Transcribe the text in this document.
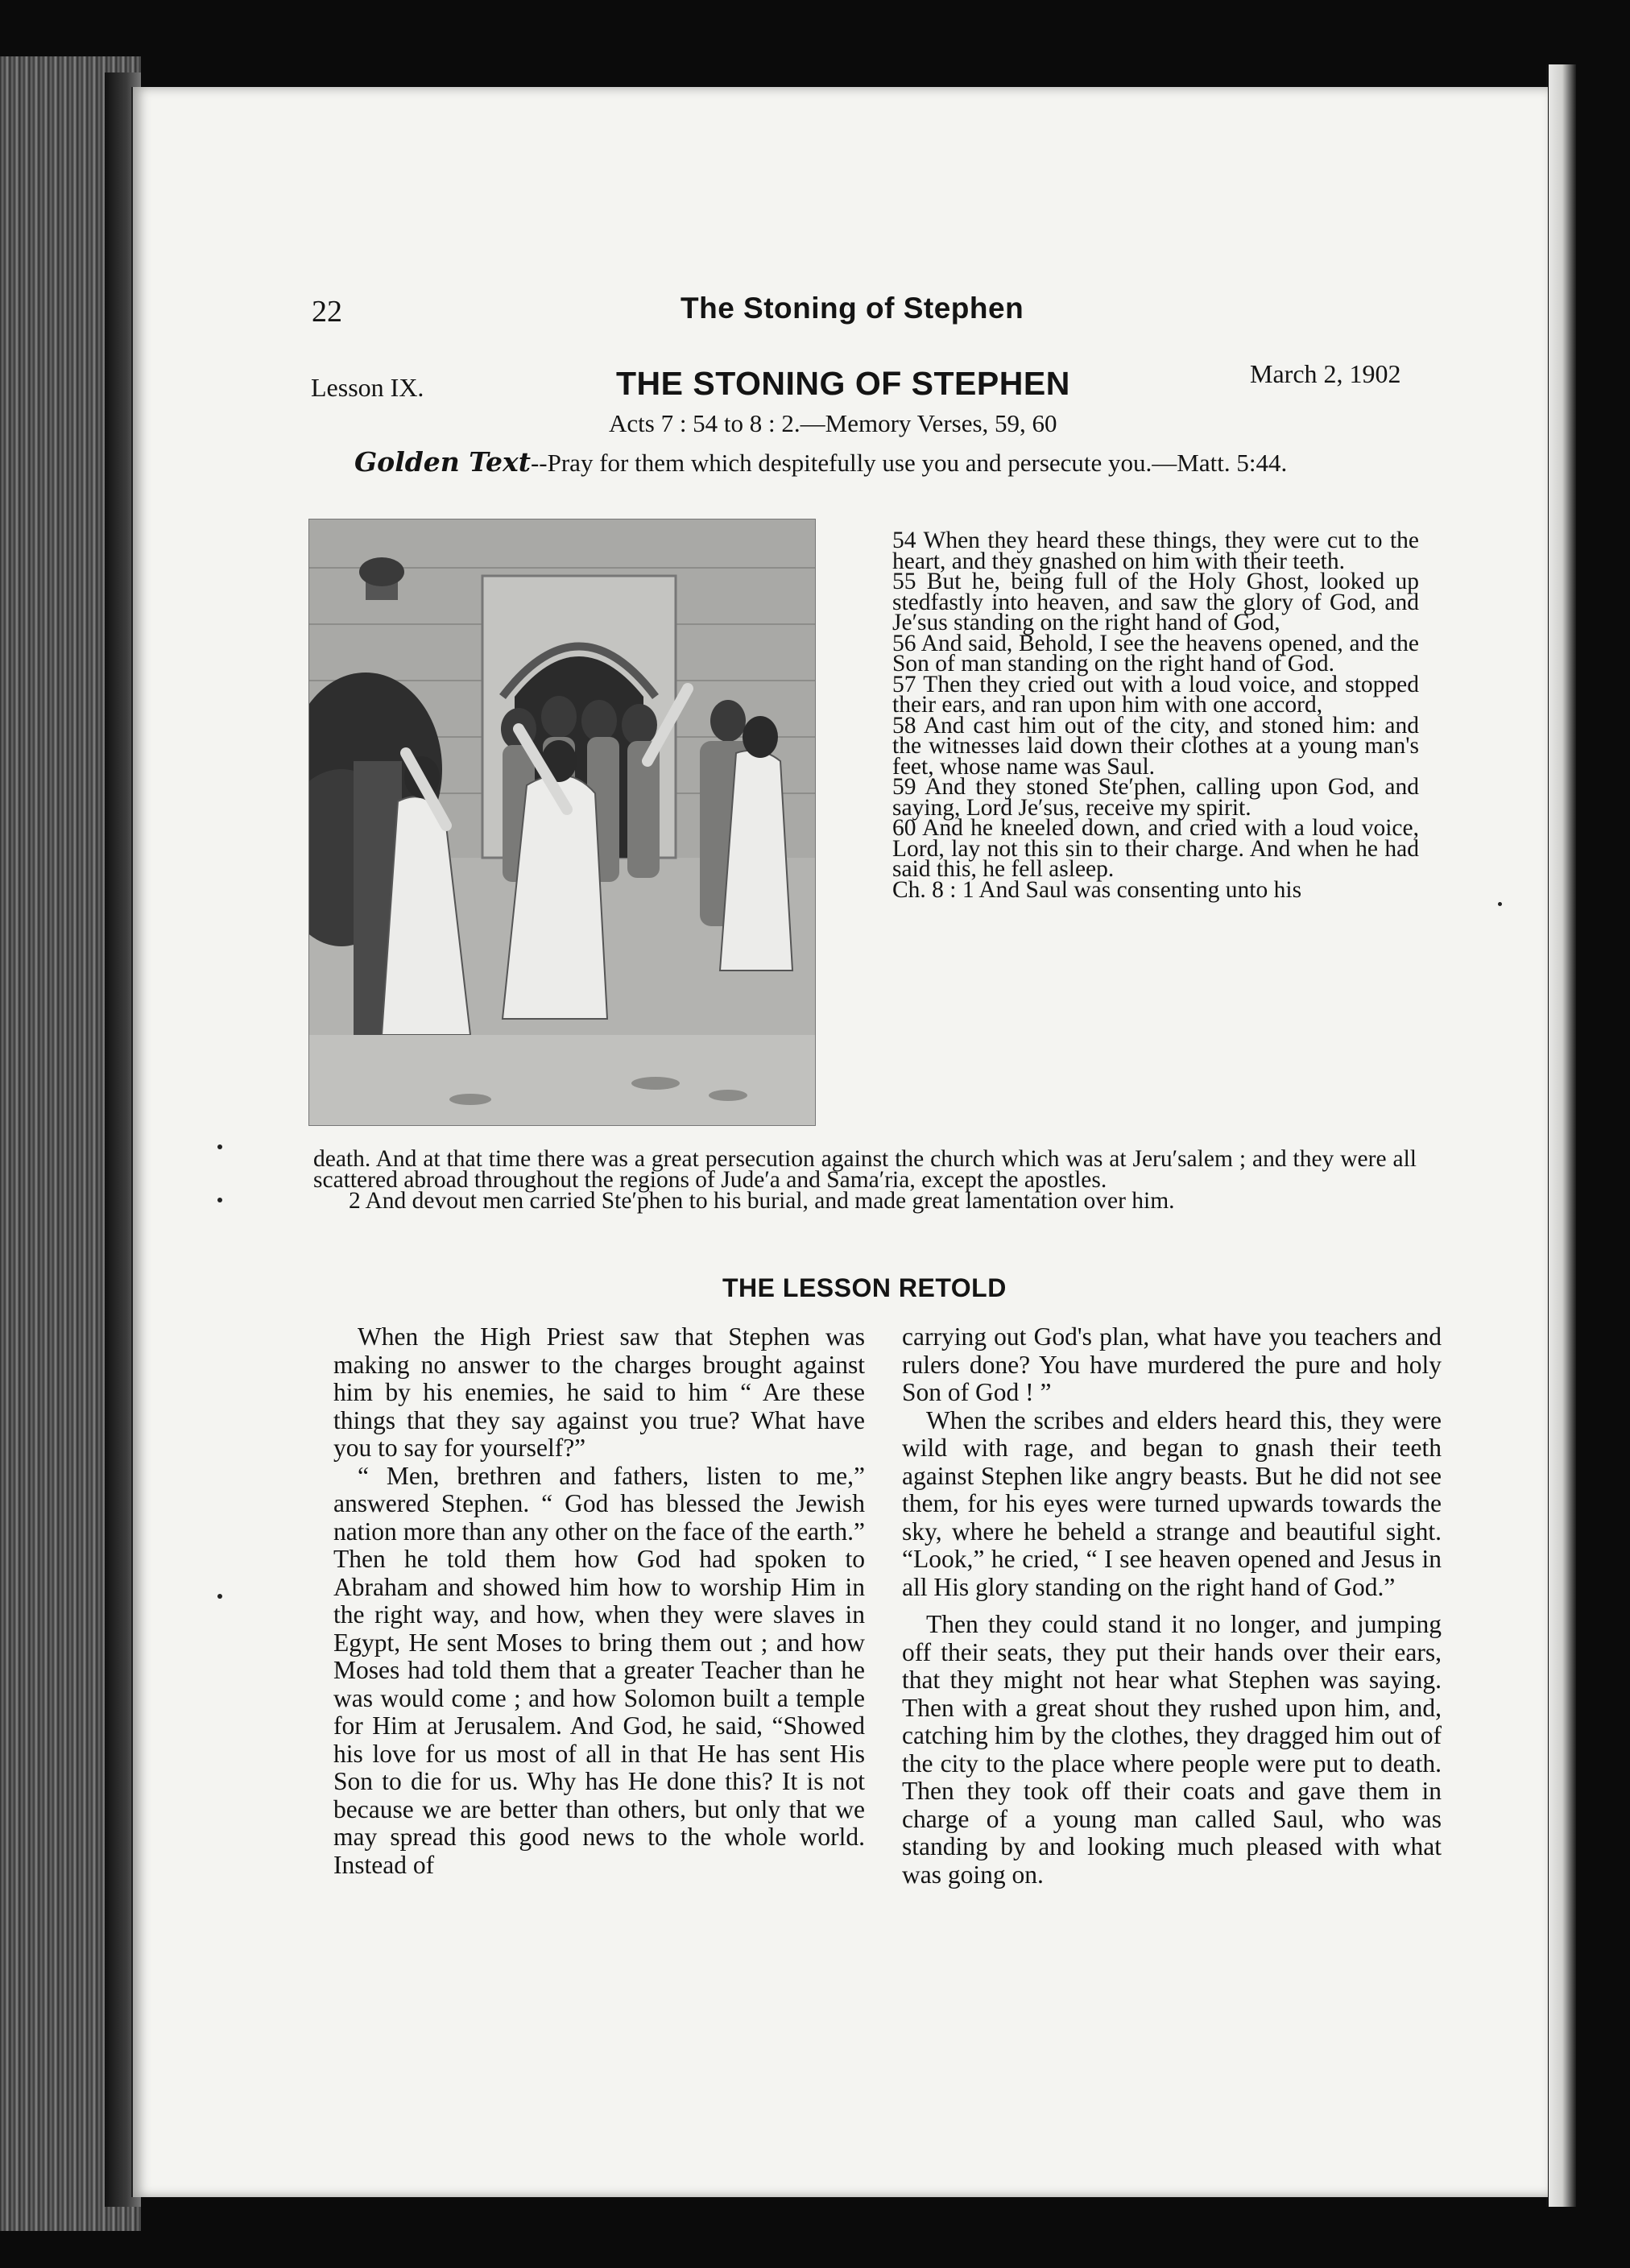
22	The Stoning of Stephen
Lesson IX.	THE STONING OF STEPHEN	March 2, 1902
Acts 7 : 54 to 8 : 2.—Memory Verses, 59, 60
Golden Text--Pray for them which despitefully use you and persecute you.—Matt. 5:44.

54 When they heard these things, they were cut to the heart, and they gnashed on him with their teeth.

55 But he, being full of the Holy Ghost, looked up stedfastly into heaven, and saw the glory of God, and Je′sus standing on the right hand of God,

56 And said, Behold, I see the heavens opened, and the Son of man standing on the right hand of God.

57 Then they cried out with a loud voice, and stopped their ears, and ran upon him with one accord,

58 And cast him out of the city, and stoned him: and the witnesses laid down their clothes at a young man's feet, whose name was Saul.

59 And they stoned Ste′phen, calling upon God, and saying, Lord Je′sus, receive my spirit.

60 And he kneeled down, and cried with a loud voice, Lord, lay not this sin to their charge. And when he had said this, he fell asleep.

Ch. 8 : 1 And Saul was consenting unto his

death. And at that time there was a great persecution against the church which was at Jeru′salem ; and they were all scattered abroad throughout the regions of Jude′a and Sama′ria, except the apostles.

2 And devout men carried Ste′phen to his burial, and made great lamentation over him.

THE LESSON RETOLD

When the High Priest saw that Stephen was making no answer to the charges brought against him by his enemies, he said to him “ Are these things that they say against you true? What have you to say for yourself?”

“ Men, brethren and fathers, listen to me,” answered Stephen. “ God has blessed the Jewish nation more than any other on the face of the earth.” Then he told them how God had spoken to Abraham and showed him how to worship Him in the right way, and how, when they were slaves in Egypt, He sent Moses to bring them out ; and how Moses had told them that a greater Teacher than he was would come ; and how Solomon built a temple for Him at Jerusalem. And God, he said, “Showed his love for us most of all in that He has sent His Son to die for us. Why has He done this? It is not because we are better than others, but only that we may spread this good news to the whole world. Instead of

carrying out God's plan, what have you teachers and rulers done? You have murdered the pure and holy Son of God ! ”

When the scribes and elders heard this, they were wild with rage, and began to gnash their teeth against Stephen like angry beasts. But he did not see them, for his eyes were turned upwards towards the sky, where he beheld a strange and beautiful sight. “Look,” he cried, “ I see heaven opened and Jesus in all His glory standing on the right hand of God.”

Then they could stand it no longer, and jumping off their seats, they put their hands over their ears, that they might not hear what Stephen was saying. Then with a great shout they rushed upon him, and, catching him by the clothes, they dragged him out of the city to the place where people were put to death. Then they took off their coats and gave them in charge of a young man called Saul, who was standing by and looking much pleased with what was going on.
